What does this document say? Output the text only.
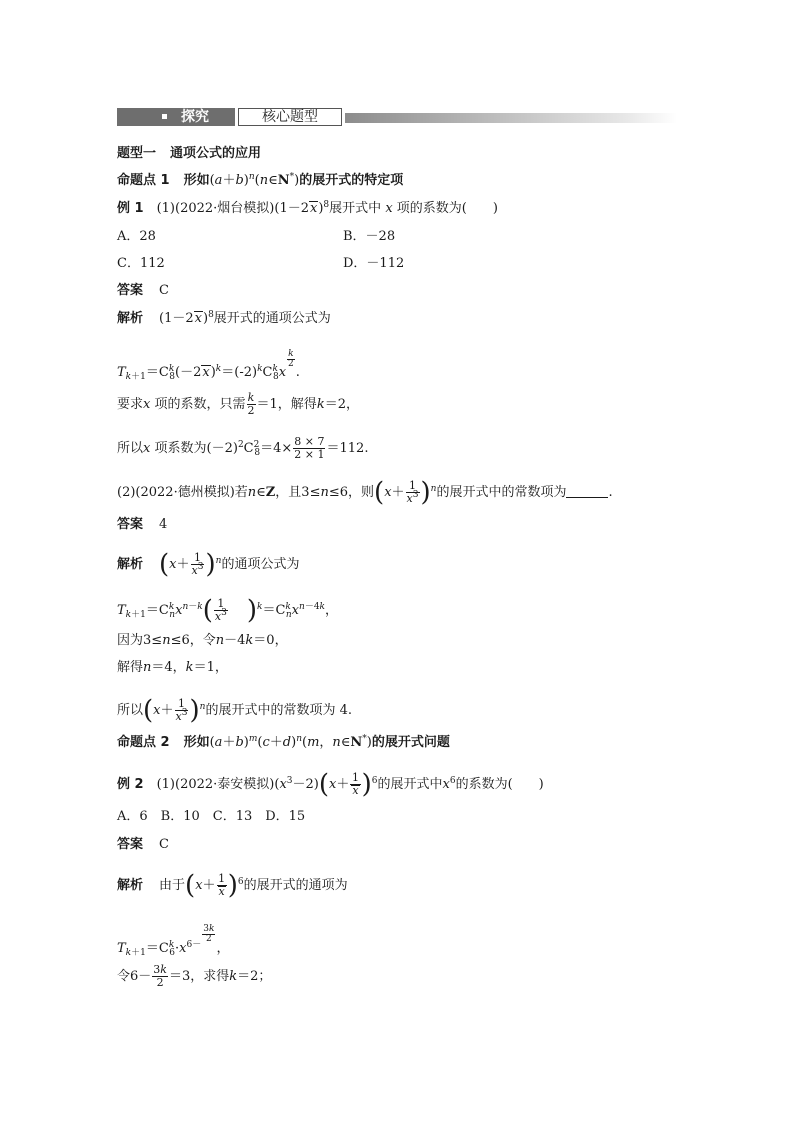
探究	核心题型
题型一 通项公式的应用
命题点 1 形如$(a+b)^n(n\in N^*)$的展开式的特定项
例 1　 (1)(2022·烟台模拟)$(1-2x)^8$展开式中 x 项的系数为(　　)
A．28	B．－28
C．112	D．－112
答案 C
解析 $(1-2x)^8$展开式的通项公式为
$T_{k+1}=C^k_8(-2x)^k=(-2)^kC^k_8x$
$\frac{k}{2}$
.
要求x 项的系数，只需 $\frac{k}{2} =1$，解得k＝2，
所以x 项系数为$(-2)^2C^2_8=4\times \frac{8 \times 7}{2 \times 1} =112$.
(2)(2022·德州模拟)若n∈Z，且3≤n≤6，则$(x+ \frac{1}{x^3} )^n$的展开式中的常数项为	.
答案 4
解析 $(x+ \frac{1}{x^3} )^n$的通项公式为
$T_{k+1}=C^k_nx^{n-k}( \frac{1}{x^3} )^k=C^k_nx^{n-4k}$，
因为3≤n≤6，令n－4k＝0，
解得n＝4，k＝1，
所以$(x+ \frac{1}{x^3} )^n$的展开式中的常数项为 4.
命题点 2 形如$(a+b)^m(c+d)^n(m$，n∈N*)的展开式问题
例 2　 (1)(2022·泰安模拟)$(x^3-2)(x+ \frac{1}{x} )^6$的展开式中$x^6$的系数为(　　)
A．6　B．10　C．13　D．15
答案 C
解析 由于$(x+ \frac{1}{x} )^6$的展开式的通项为
$T_{k+1}=C^k_6\cdot x^{6-}$
$\frac{3k}{2}$
，
令$6- \frac{3k}{2} =3$，求得k＝2；
